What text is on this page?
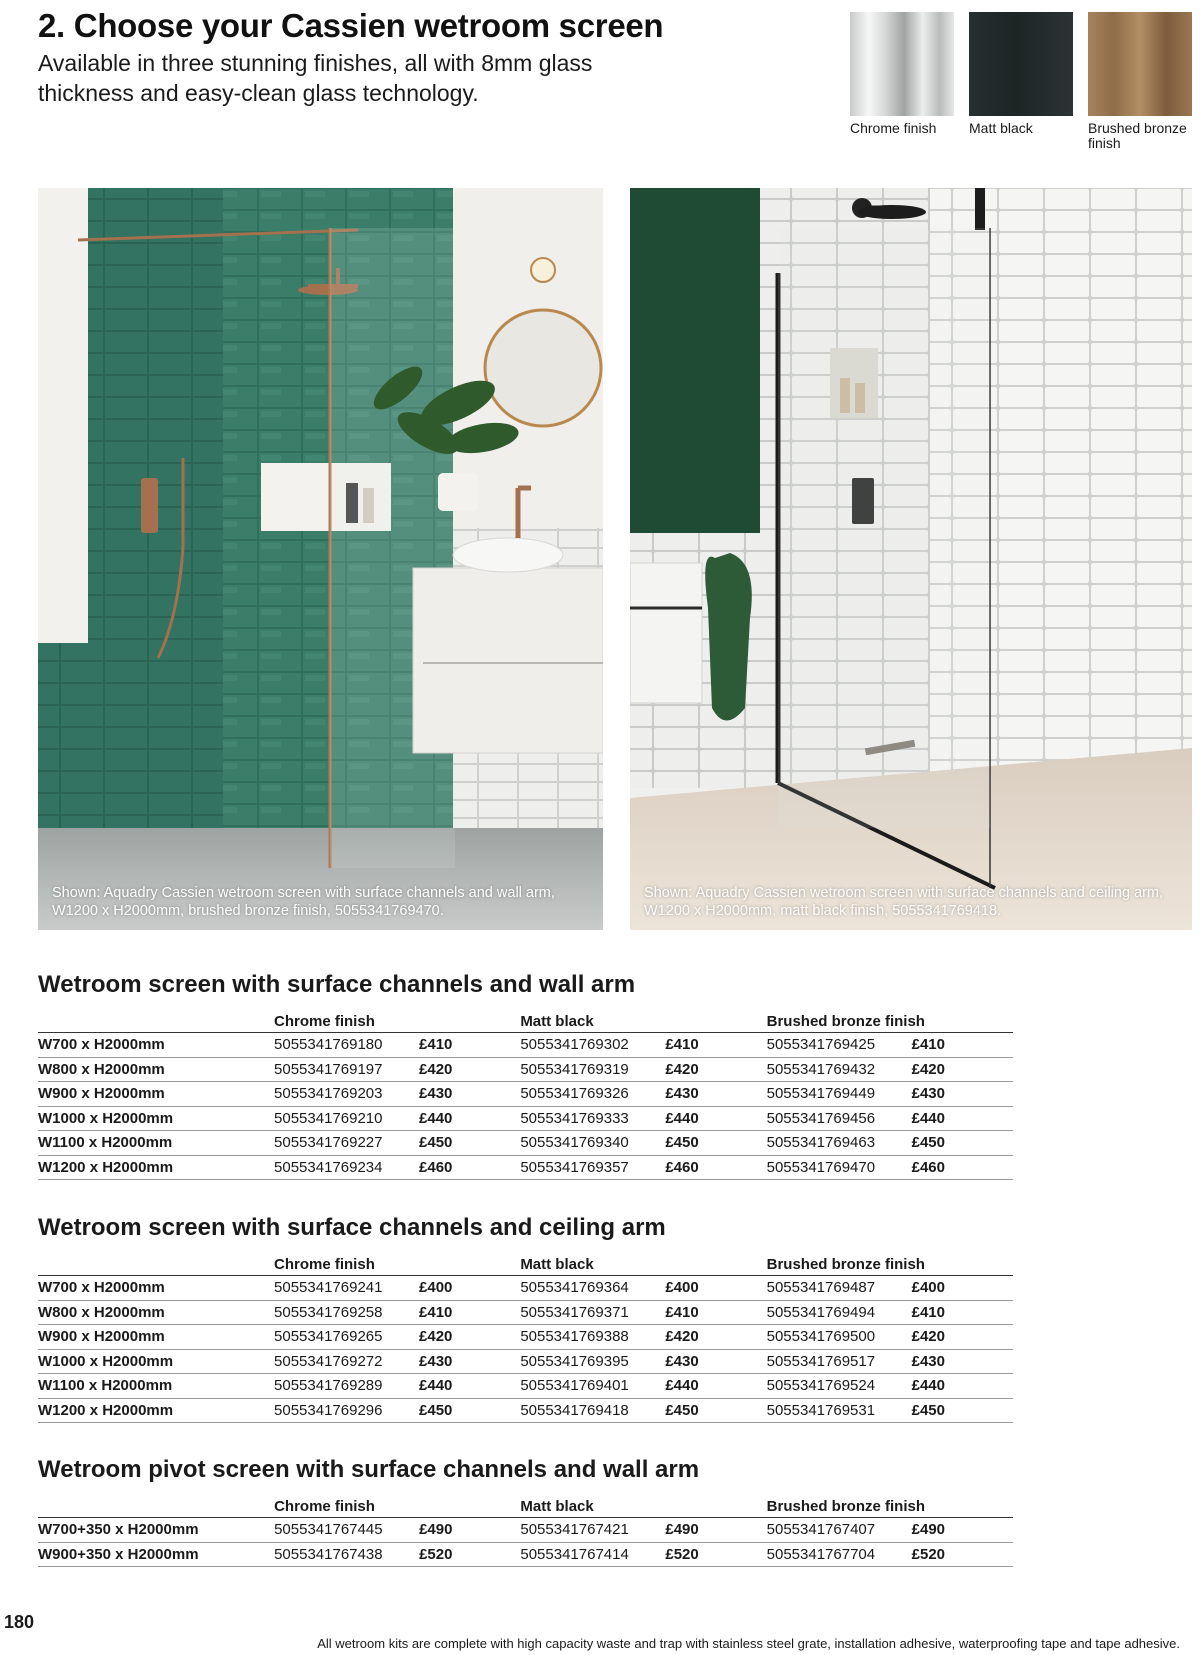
2. Choose your Cassien wetroom screen

Available in three stunning finishes, all with 8mm glass thickness and easy-clean glass technology.

Chrome finish	Matt black	Brushed bronze finish
Shown: Aquadry Cassien wetroom screen with surface channels and wall arm, W1200 x H2000mm, brushed bronze finish, 5055341769470.
Shown: Aquadry Cassien wetroom screen with surface channels and ceiling arm, W1200 x H2000mm, matt black finish, 5055341769418.
Wetroom screen with surface channels and wall arm
	Chrome finish		Matt black		Brushed bronze finish	
W700 x H2000mm	5055341769180	£410	5055341769302	£410	5055341769425	£410
W800 x H2000mm	5055341769197	£420	5055341769319	£420	5055341769432	£420
W900 x H2000mm	5055341769203	£430	5055341769326	£430	5055341769449	£430
W1000 x H2000mm	5055341769210	£440	5055341769333	£440	5055341769456	£440
W1100 x H2000mm	5055341769227	£450	5055341769340	£450	5055341769463	£450
W1200 x H2000mm	5055341769234	£460	5055341769357	£460	5055341769470	£460
Wetroom screen with surface channels and ceiling arm
	Chrome finish		Matt black		Brushed bronze finish	
W700 x H2000mm	5055341769241	£400	5055341769364	£400	5055341769487	£400
W800 x H2000mm	5055341769258	£410	5055341769371	£410	5055341769494	£410
W900 x H2000mm	5055341769265	£420	5055341769388	£420	5055341769500	£420
W1000 x H2000mm	5055341769272	£430	5055341769395	£430	5055341769517	£430
W1100 x H2000mm	5055341769289	£440	5055341769401	£440	5055341769524	£440
W1200 x H2000mm	5055341769296	£450	5055341769418	£450	5055341769531	£450
Wetroom pivot screen with surface channels and wall arm
	Chrome finish		Matt black		Brushed bronze finish	
W700+350 x H2000mm	5055341767445	£490	5055341767421	£490	5055341767407	£490
W900+350 x H2000mm	5055341767438	£520	5055341767414	£520	5055341767704	£520
180
All wetroom kits are complete with high capacity waste and trap with stainless steel grate, installation adhesive, waterproofing tape and tape adhesive.
